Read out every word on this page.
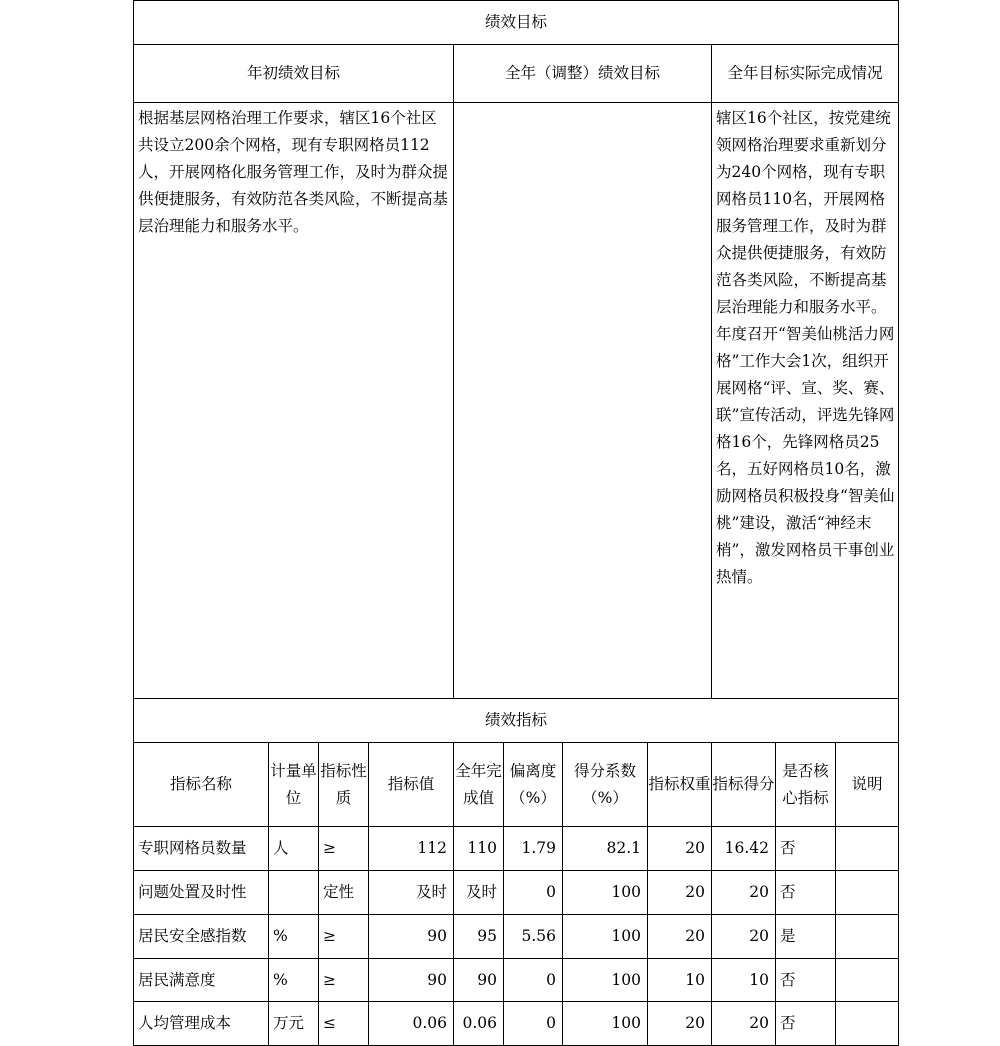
绩效目标										
年初绩效目标				全年（调整）绩效目标				全年目标实际完成情况		
根据基层网格治理工作要求，辖区16个社区共设立200余个网格，现有专职网格员112人，开展网格化服务管理工作，及时为群众提供便捷服务，有效防范各类风险，不断提高基层治理能力和服务水平。								辖区16个社区，按党建统领网格治理要求重新划分为240个网格，现有专职网格员110名，开展网格服务管理工作，及时为群众提供便捷服务，有效防范各类风险，不断提高基层治理能力和服务水平。年度召开“智美仙桃活力网格”工作大会1次，组织开展网格“评、宣、奖、赛、联”宣传活动，评选先锋网格16个，先锋网格员25名，五好网格员10名，激励网格员积极投身“智美仙桃”建设，激活“神经末梢”，激发网格员干事创业热情。		
绩效指标										
指标名称	计量单位	指标性质	指标值	全年完成值	偏离度（%）	得分系数（%）	指标权重	指标得分	是否核心指标	说明
专职网格员数量	人	≥	112	110	1.79	82.1	20	16.42	否	
问题处置及时性		定性	及时	及时	0	100	20	20	否	
居民安全感指数	%	≥	90	95	5.56	100	20	20	是	
居民满意度	%	≥	90	90	0	100	10	10	否	
人均管理成本	万元	≤	0.06	0.06	0	100	20	20	否	
